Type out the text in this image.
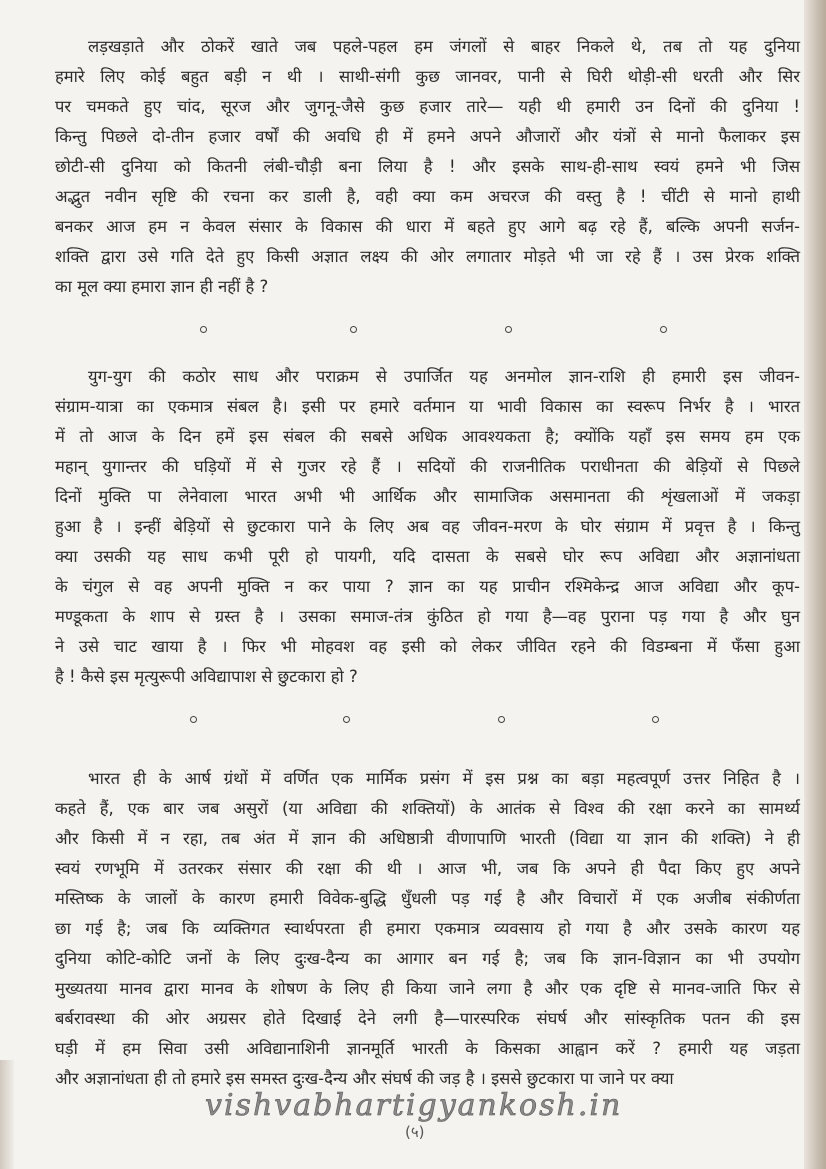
लड़खड़ाते और ठोकरें खाते जब पहले-पहल हम जंगलों से बाहर निकले थे, तब तो यह दुनिया
हमारे लिए कोई बहुत बड़ी न थी । साथी-संगी कुछ जानवर, पानी से घिरी थोड़ी-सी धरती और सिर
पर चमकते हुए चांद, सूरज और जुगनू-जैसे कुछ हजार तारे— यही थी हमारी उन दिनों की दुनिया !
किन्तु पिछले दो-तीन हजार वर्षों की अवधि ही में हमने अपने औजारों और यंत्रों से मानो फैलाकर इस
छोटी-सी दुनिया को कितनी लंबी-चौड़ी बना लिया है ! और इसके साथ-ही-साथ स्वयं हमने भी जिस
अद्भुत नवीन सृष्टि की रचना कर डाली है, वही क्या कम अचरज की वस्तु है ! चींटी से मानो हाथी
बनकर आज हम न केवल संसार के विकास की धारा में बहते हुए आगे बढ़ रहे हैं, बल्कि अपनी सर्जन-
शक्ति द्वारा उसे गति देते हुए किसी अज्ञात लक्ष्य की ओर लगातार मोड़ते भी जा रहे हैं । उस प्रेरक शक्ति
का मूल क्या हमारा ज्ञान ही नहीं है ?
युग-युग की कठोर साध और पराक्रम से उपार्जित यह अनमोल ज्ञान-राशि ही हमारी इस जीवन-
संग्राम-यात्रा का एकमात्र संबल है। इसी पर हमारे वर्तमान या भावी विकास का स्वरूप निर्भर है । भारत
में तो आज के दिन हमें इस संबल की सबसे अधिक आवश्यकता है; क्योंकि यहाँ इस समय हम एक
महान् युगान्तर की घड़ियों में से गुजर रहे हैं । सदियों की राजनीतिक पराधीनता की बेड़ियों से पिछले
दिनों मुक्ति पा लेनेवाला भारत अभी भी आर्थिक और सामाजिक असमानता की शृंखलाओं में जकड़ा
हुआ है । इन्हीं बेड़ियों से छुटकारा पाने के लिए अब वह जीवन-मरण के घोर संग्राम में प्रवृत्त है । किन्तु
क्या उसकी यह साध कभी पूरी हो पायगी, यदि दासता के सबसे घोर रूप अविद्या और अज्ञानांधता
के चंगुल से वह अपनी मुक्ति न कर पाया ? ज्ञान का यह प्राचीन रश्मिकेन्द्र आज अविद्या और कूप-
मण्डूकता के शाप से ग्रस्त है । उसका समाज-तंत्र कुंठित हो गया है—वह पुराना पड़ गया है और घुन
ने उसे चाट खाया है । फिर भी मोहवश वह इसी को लेकर जीवित रहने की विडम्बना में फँसा हुआ
है ! कैसे इस मृत्युरूपी अविद्यापाश से छुटकारा हो ?
भारत ही के आर्ष ग्रंथों में वर्णित एक मार्मिक प्रसंग में इस प्रश्न का बड़ा महत्वपूर्ण उत्तर निहित है ।
कहते हैं, एक बार जब असुरों (या अविद्या की शक्तियों) के आतंक से विश्व की रक्षा करने का सामर्थ्य
और किसी में न रहा, तब अंत में ज्ञान की अधिष्ठात्री वीणापाणि भारती (विद्या या ज्ञान की शक्ति) ने ही
स्वयं रणभूमि में उतरकर संसार की रक्षा की थी । आज भी, जब कि अपने ही पैदा किए हुए अपने
मस्तिष्क के जालों के कारण हमारी विवेक-बुद्धि धुँधली पड़ गई है और विचारों में एक अजीब संकीर्णता
छा गई है; जब कि व्यक्तिगत स्वार्थपरता ही हमारा एकमात्र व्यवसाय हो गया है और उसके कारण यह
दुनिया कोटि-कोटि जनों के लिए दुःख-दैन्य का आगार बन गई है; जब कि ज्ञान-विज्ञान का भी उपयोग
मुख्यतया मानव द्वारा मानव के शोषण के लिए ही किया जाने लगा है और एक दृष्टि से मानव-जाति फिर से
बर्बरावस्था की ओर अग्रसर होते दिखाई देने लगी है—पारस्परिक संघर्ष और सांस्कृतिक पतन की इस
घड़ी में हम सिवा उसी अविद्यानाशिनी ज्ञानमूर्ति भारती के किसका आह्वान करें ? हमारी यह जड़ता
और अज्ञानांधता ही तो हमारे इस समस्त दुःख-दैन्य और संघर्ष की जड़ है । इससे छुटकारा पा जाने पर क्या
vishvabhartigyankosh.in
(५)
